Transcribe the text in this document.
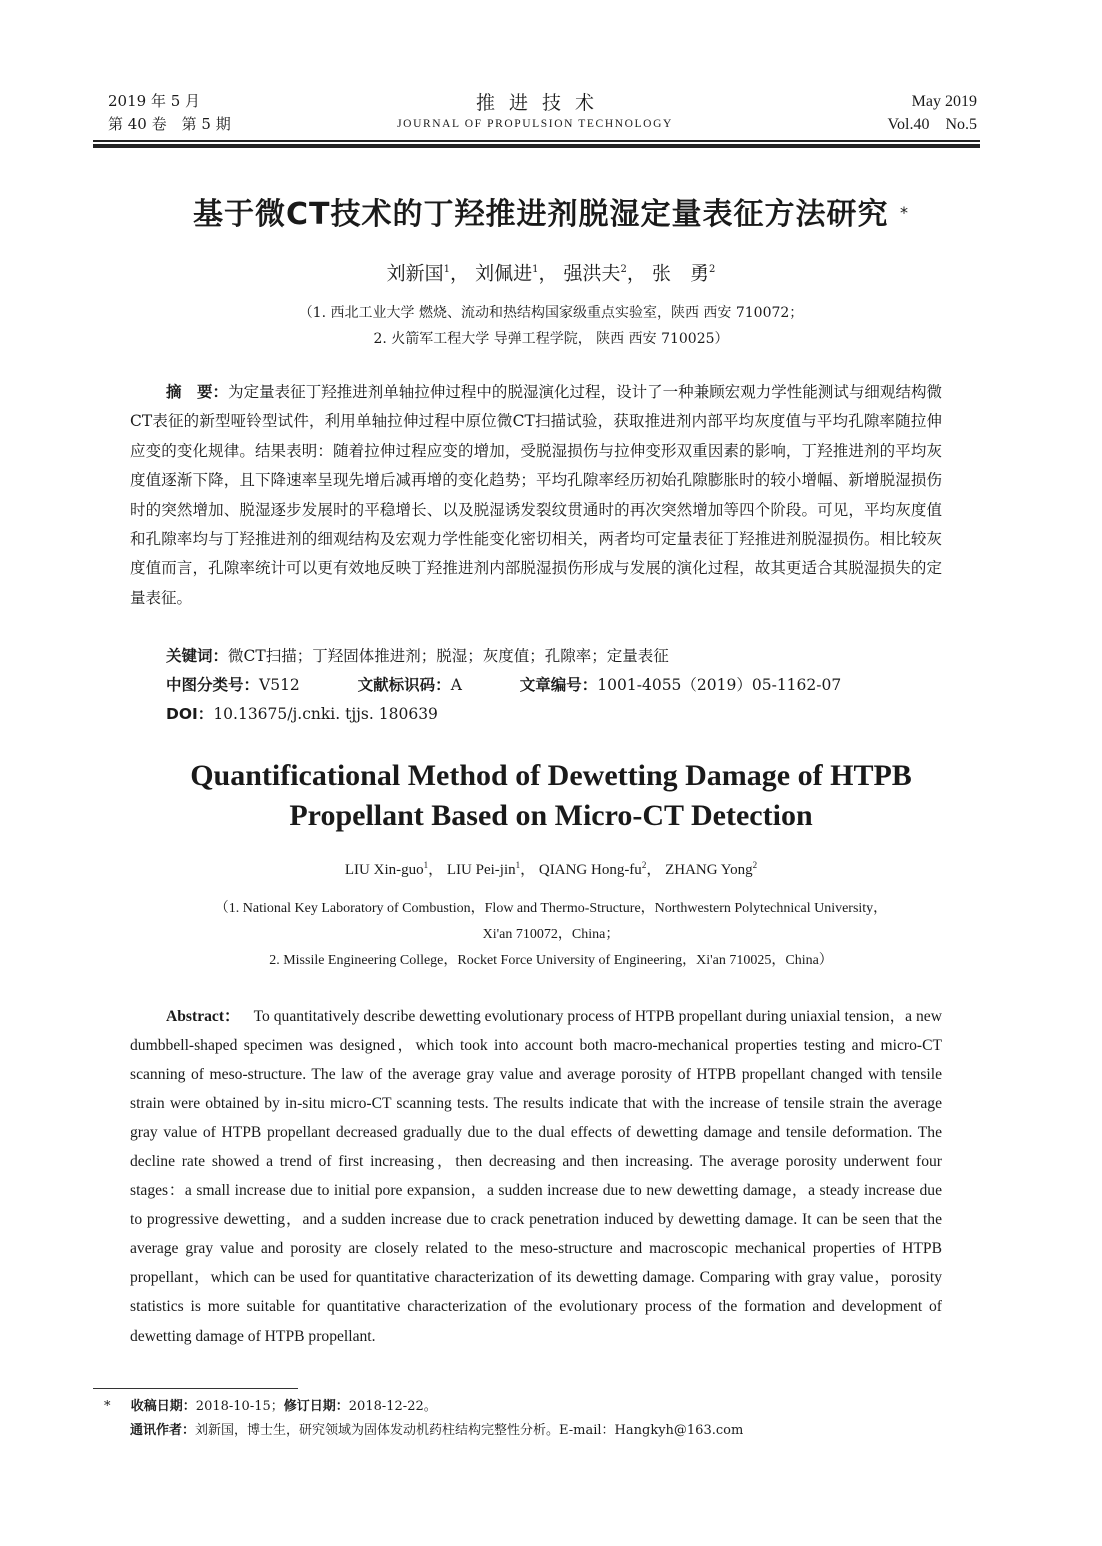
2019 年 5 月
第 40 卷　第 5 期
推进技术
JOURNAL OF PROPULSION TECHNOLOGY
May 2019
Vol.40　No.5
基于微CT技术的丁羟推进剂脱湿定量表征方法研究 *
刘新国$^1$， 刘佩进$^1$， 强洪夫$^2$， 张　勇$^2$
（1. 西北工业大学 燃烧、流动和热结构国家级重点实验室，陕西 西安 710072；
2. 火箭军工程大学 导弹工程学院， 陕西 西安 710025）
摘　要：为定量表征丁羟推进剂单轴拉伸过程中的脱湿演化过程，设计了一种兼顾宏观力学性能测试与细观结构微CT表征的新型哑铃型试件，利用单轴拉伸过程中原位微CT扫描试验，获取推进剂内部平均灰度值与平均孔隙率随拉伸应变的变化规律。结果表明：随着拉伸过程应变的增加，受脱湿损伤与拉伸变形双重因素的影响，丁羟推进剂的平均灰度值逐渐下降，且下降速率呈现先增后减再增的变化趋势；平均孔隙率经历初始孔隙膨胀时的较小增幅、新增脱湿损伤时的突然增加、脱湿逐步发展时的平稳增长、以及脱湿诱发裂纹贯通时的再次突然增加等四个阶段。可见，平均灰度值和孔隙率均与丁羟推进剂的细观结构及宏观力学性能变化密切相关，两者均可定量表征丁羟推进剂脱湿损伤。相比较灰度值而言，孔隙率统计可以更有效地反映丁羟推进剂内部脱湿损伤形成与发展的演化过程，故其更适合其脱湿损失的定量表征。
关键词：微CT扫描；丁羟固体推进剂；脱湿；灰度值；孔隙率；定量表征
中图分类号：V512	文献标识码：A	文章编号：1001-4055（2019）05-1162-07
DOI：10.13675/j.cnki. tjjs. 180639
Quantificational Method of Dewetting Damage of HTPB
Propellant Based on Micro-CT Detection
LIU Xin-guo$^1$， LIU Pei-jin$^1$， QIANG Hong-$fu^2$， ZHANG Yong$^2$
（1. National Key Laboratory of Combustion，Flow and Thermo-Structure，Northwestern Polytechnical University，
Xi'an 710072，China；
2. Missile Engineering College，Rocket Force University of Engineering，Xi'an 710025，China）
Abstract： To quantitatively describe dewetting evolutionary process of HTPB propellant during uniaxial tension，a new dumbbell-shaped specimen was designed，which took into account both macro-mechanical properties testing and micro-CT scanning of meso-structure. The law of the average gray value and average porosity of HTPB propellant changed with tensile strain were obtained by in-situ micro-CT scanning tests. The results indicate that with the increase of tensile strain the average gray value of HTPB propellant decreased gradually due to the dual effects of dewetting damage and tensile deformation. The decline rate showed a trend of first increasing，then decreasing and then increasing. The average porosity underwent four stages：a small increase due to initial pore expansion，a sudden increase due to new dewetting damage，a steady increase due to progressive dewetting，and a sudden increase due to crack penetration induced by dewetting damage. It can be seen that the average gray value and porosity are closely related to the meso-structure and macroscopic mechanical properties of HTPB propellant，which can be used for quantitative characterization of its dewetting damage. Comparing with gray value，porosity statistics is more suitable for quantitative characterization of the evolutionary process of the formation and development of dewetting damage of HTPB propellant.
* 收稿日期：2018-10-15；修订日期：2018-12-22。
通讯作者：刘新国，博士生，研究领域为固体发动机药柱结构完整性分析。E-mail：Hangkyh@163.com
